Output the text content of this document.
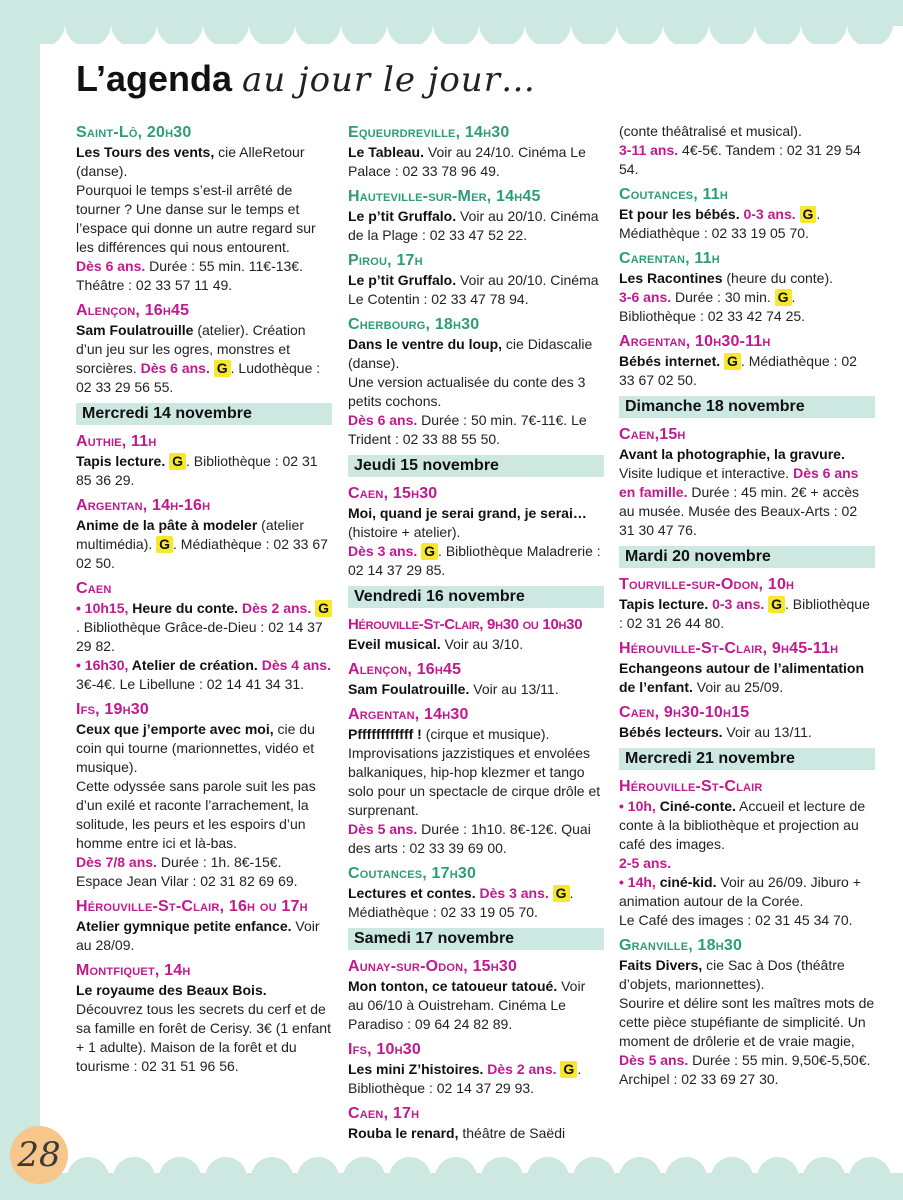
28
L’agenda au jour le jour…
Saint-Lô, 20h30

Les Tours des vents, cie AlleRetour (danse).

Pourquoi le temps s’est-il arrêté de tourner ? Une danse sur le temps et l’espace qui donne un autre regard sur les différences qui nous entourent.

Dès 6 ans. Durée : 55 min. 11€-13€. Théâtre : 02 33 57 11 49.

Alençon, 16h45

Sam Foulatrouille (atelier). Création d’un jeu sur les ogres, monstres et sorcières. Dès 6 ans. G . Ludothèque : 02 33 29 56 55.

Mercredi 14 novembre
Authie, 11h

Tapis lecture. G . Bibliothèque : 02 31 85 36 29.

Argentan, 14h-16h

Anime de la pâte à modeler (atelier multimédia). G . Médiathèque : 02 33 67 02 50.

Caen

• 10h15, Heure du conte. Dès 2 ans. G. Bibliothèque Grâce-de-Dieu : 02 14 37 29 82.

• 16h30, Atelier de création. Dès 4 ans. 3€-4€. Le Libellune : 02 14 41 34 31.

Ifs, 19h30

Ceux que j’emporte avec moi, cie du coin qui tourne (marionnettes, vidéo et musique).

Cette odyssée sans parole suit les pas d’un exilé et raconte l’arrachement, la solitude, les peurs et les espoirs d’un homme entre ici et là-bas.

Dès 7/8 ans. Durée : 1h. 8€-15€. Espace Jean Vilar : 02 31 82 69 69.

Hérouville-St-Clair, 16h ou 17h

Atelier gymnique petite enfance. Voir au 28/09.

Montfiquet, 14h

Le royaume des Beaux Bois. Découvrez tous les secrets du cerf et de sa famille en forêt de Cerisy. 3€ (1 enfant + 1 adulte). Maison de la forêt et du tourisme : 02 31 51 96 56.

Equeurdreville, 14h30

Le Tableau. Voir au 24/10. Cinéma Le Palace : 02 33 78 96 49.

Hauteville-sur-Mer, 14h45

Le p’tit Gruffalo. Voir au 20/10. Cinéma de la Plage : 02 33 47 52 22.

Pirou, 17h

Le p’tit Gruffalo. Voir au 20/10. Cinéma Le Cotentin : 02 33 47 78 94.

Cherbourg, 18h30

Dans le ventre du loup, cie Didascalie (danse).

Une version actualisée du conte des 3 petits cochons.

Dès 6 ans. Durée : 50 min. 7€-11€. Le Trident : 02 33 88 55 50.

Jeudi 15 novembre
Caen, 15h30

Moi, quand je serai grand, je serai… (histoire + atelier).

Dès 3 ans. G . Bibliothèque Maladrerie : 02 14 37 29 85.

Vendredi 16 novembre
Hérouville-St-Clair, 9h30 ou 10h30

Eveil musical. Voir au 3/10.

Alençon, 16h45

Sam Foulatrouille. Voir au 13/11.

Argentan, 14h30

Pffffffffffff ! (cirque et musique). Improvisations jazzistiques et envolées balkaniques, hip-hop klezmer et tango solo pour un spectacle de cirque drôle et surprenant.

Dès 5 ans. Durée : 1h10. 8€-12€. Quai des arts : 02 33 39 69 00.

Coutances, 17h30

Lectures et contes. Dès 3 ans. G . Médiathèque : 02 33 19 05 70.

Samedi 17 novembre
Aunay-sur-Odon, 15h30

Mon tonton, ce tatoueur tatoué. Voir au 06/10 à Ouistreham. Cinéma Le Paradiso : 09 64 24 82 89.

Ifs, 10h30

Les mini Z’histoires. Dès 2 ans. G . Bibliothèque : 02 14 37 29 93.

Caen, 17h

Rouba le renard, théâtre de Saëdi

(conte théâtralisé et musical).

3-11 ans. 4€-5€. Tandem : 02 31 29 54 54.

Coutances, 11h

Et pour les bébés. 0-3 ans. G . Médiathèque : 02 33 19 05 70.

Carentan, 11h

Les Racontines (heure du conte).

3-6 ans. Durée : 30 min. G . Bibliothèque : 02 33 42 74 25.

Argentan, 10h30-11h

Bébés internet. G . Médiathèque : 02 33 67 02 50.

Dimanche 18 novembre
Caen,15h

Avant la photographie, la gravure. Visite ludique et interactive. Dès 6 ans en famille. Durée : 45 min. 2€ + accès au musée. Musée des Beaux-Arts : 02 31 30 47 76.

Mardi 20 novembre
Tourville-sur-Odon, 10h

Tapis lecture. 0-3 ans. G . Bibliothèque : 02 31 26 44 80.

Hérouville-St-Clair, 9h45-11h

Echangeons autour de l’alimentation de l’enfant. Voir au 25/09.

Caen, 9h30-10h15

Bébés lecteurs. Voir au 13/11.

Mercredi 21 novembre
Hérouville-St-Clair

• 10h, Ciné-conte. Accueil et lecture de conte à la bibliothèque et projection au café des images.

2-5 ans.

• 14h, ciné-kid. Voir au 26/09. Jiburo + animation autour de la Corée.

Le Café des images : 02 31 45 34 70.

Granville, 18h30

Faits Divers, cie Sac à Dos (théâtre d’objets, marionnettes).

Sourire et délire sont les maîtres mots de cette pièce stupéfiante de simplicité. Un moment de drôlerie et de vraie magie,

Dès 5 ans. Durée : 55 min. 9,50€-5,50€. Archipel : 02 33 69 27 30.
